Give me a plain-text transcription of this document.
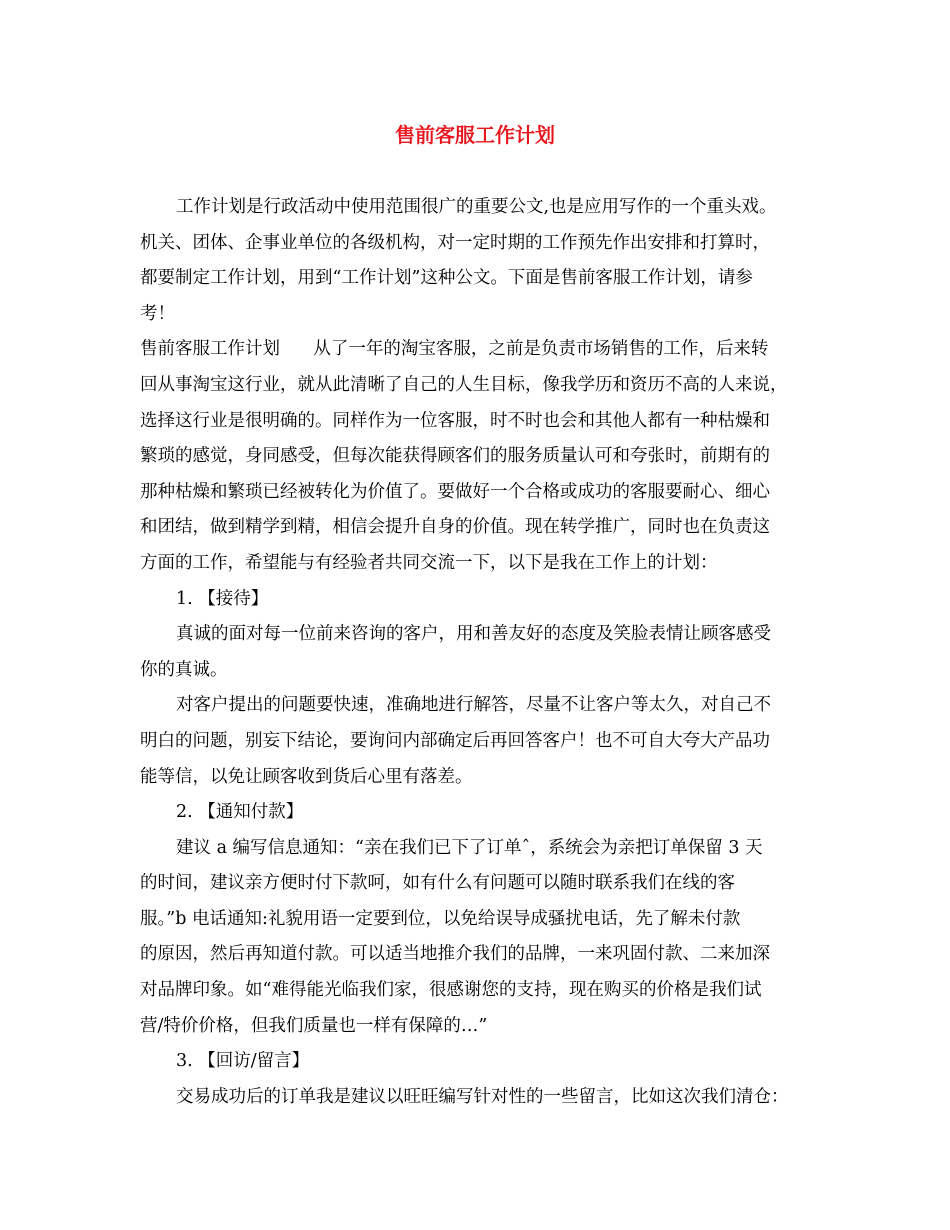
售前客服工作计划

工作计划是行政活动中使用范围很广的重要公文,也是应用写作的一个重头戏。

机关、团体、企事业单位的各级机构，对一定时期的工作预先作出安排和打算时，

都要制定工作计划，用到“工作计划”这种公文。下面是售前客服工作计划，请参

考！

售前客服工作计划      从了一年的淘宝客服，之前是负责市场销售的工作，后来转

回从事淘宝这行业，就从此清晰了自己的人生目标，像我学历和资历不高的人来说，

选择这行业是很明确的。同样作为一位客服，时不时也会和其他人都有一种枯燥和

繁琐的感觉，身同感受，但每次能获得顾客们的服务质量认可和夸张时，前期有的

那种枯燥和繁琐已经被转化为价值了。要做好一个合格或成功的客服要耐心、细心

和团结，做到精学到精，相信会提升自身的价值。现在转学推广，同时也在负责这

方面的工作，希望能与有经验者共同交流一下，以下是我在工作上的计划：

1. 【接待】

真诚的面对每一位前来咨询的客户，用和善友好的态度及笑脸表情让顾客感受

你的真诚。

对客户提出的问题要快速，准确地进行解答，尽量不让客户等太久，对自己不

明白的问题，别妄下结论，要询问内部确定后再回答客户！也不可自大夸大产品功

能等信，以免让顾客收到货后心里有落差。

2. 【通知付款】

建议 a 编写信息通知：“亲在我们已下了订单ˆ，系统会为亲把订单保留 3 天

的时间，建议亲方便时付下款呵，如有什么有问题可以随时联系我们在线的客

服。”b 电话通知:礼貌用语一定要到位，以免给误导成骚扰电话，先了解未付款

的原因，然后再知道付款。可以适当地推介我们的品牌，一来巩固付款、二来加深

对品牌印象。如“难得能光临我们家，很感谢您的支持，现在购买的价格是我们试

营/特价价格，但我们质量也一样有保障的…”

3. 【回访/留言】

交易成功后的订单我是建议以旺旺编写针对性的一些留言，比如这次我们清仓：
